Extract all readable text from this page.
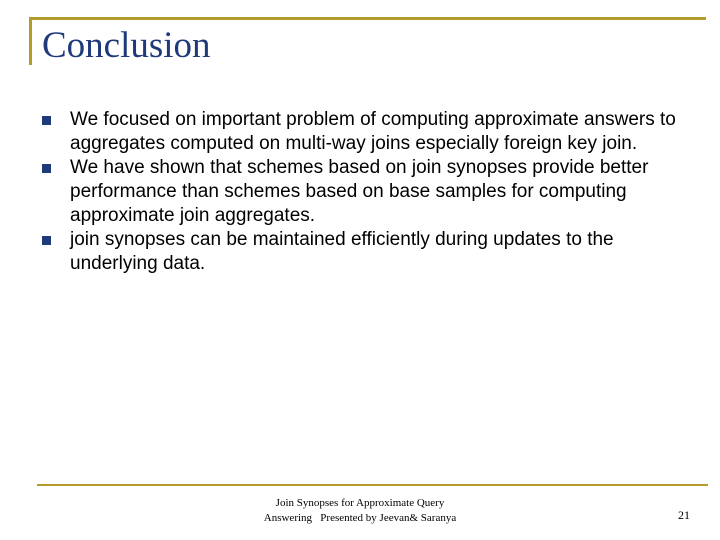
Conclusion
We focused on important problem of computing approximate answers to aggregates computed on multi-way joins especially foreign key join.
We have shown that schemes based on join synopses provide better performance than schemes based on base samples for computing approximate join aggregates.
join synopses can be maintained efficiently during updates to the underlying data.
Join Synopses for Approximate Query
Answering   Presented by Jeevan& Saranya	21
